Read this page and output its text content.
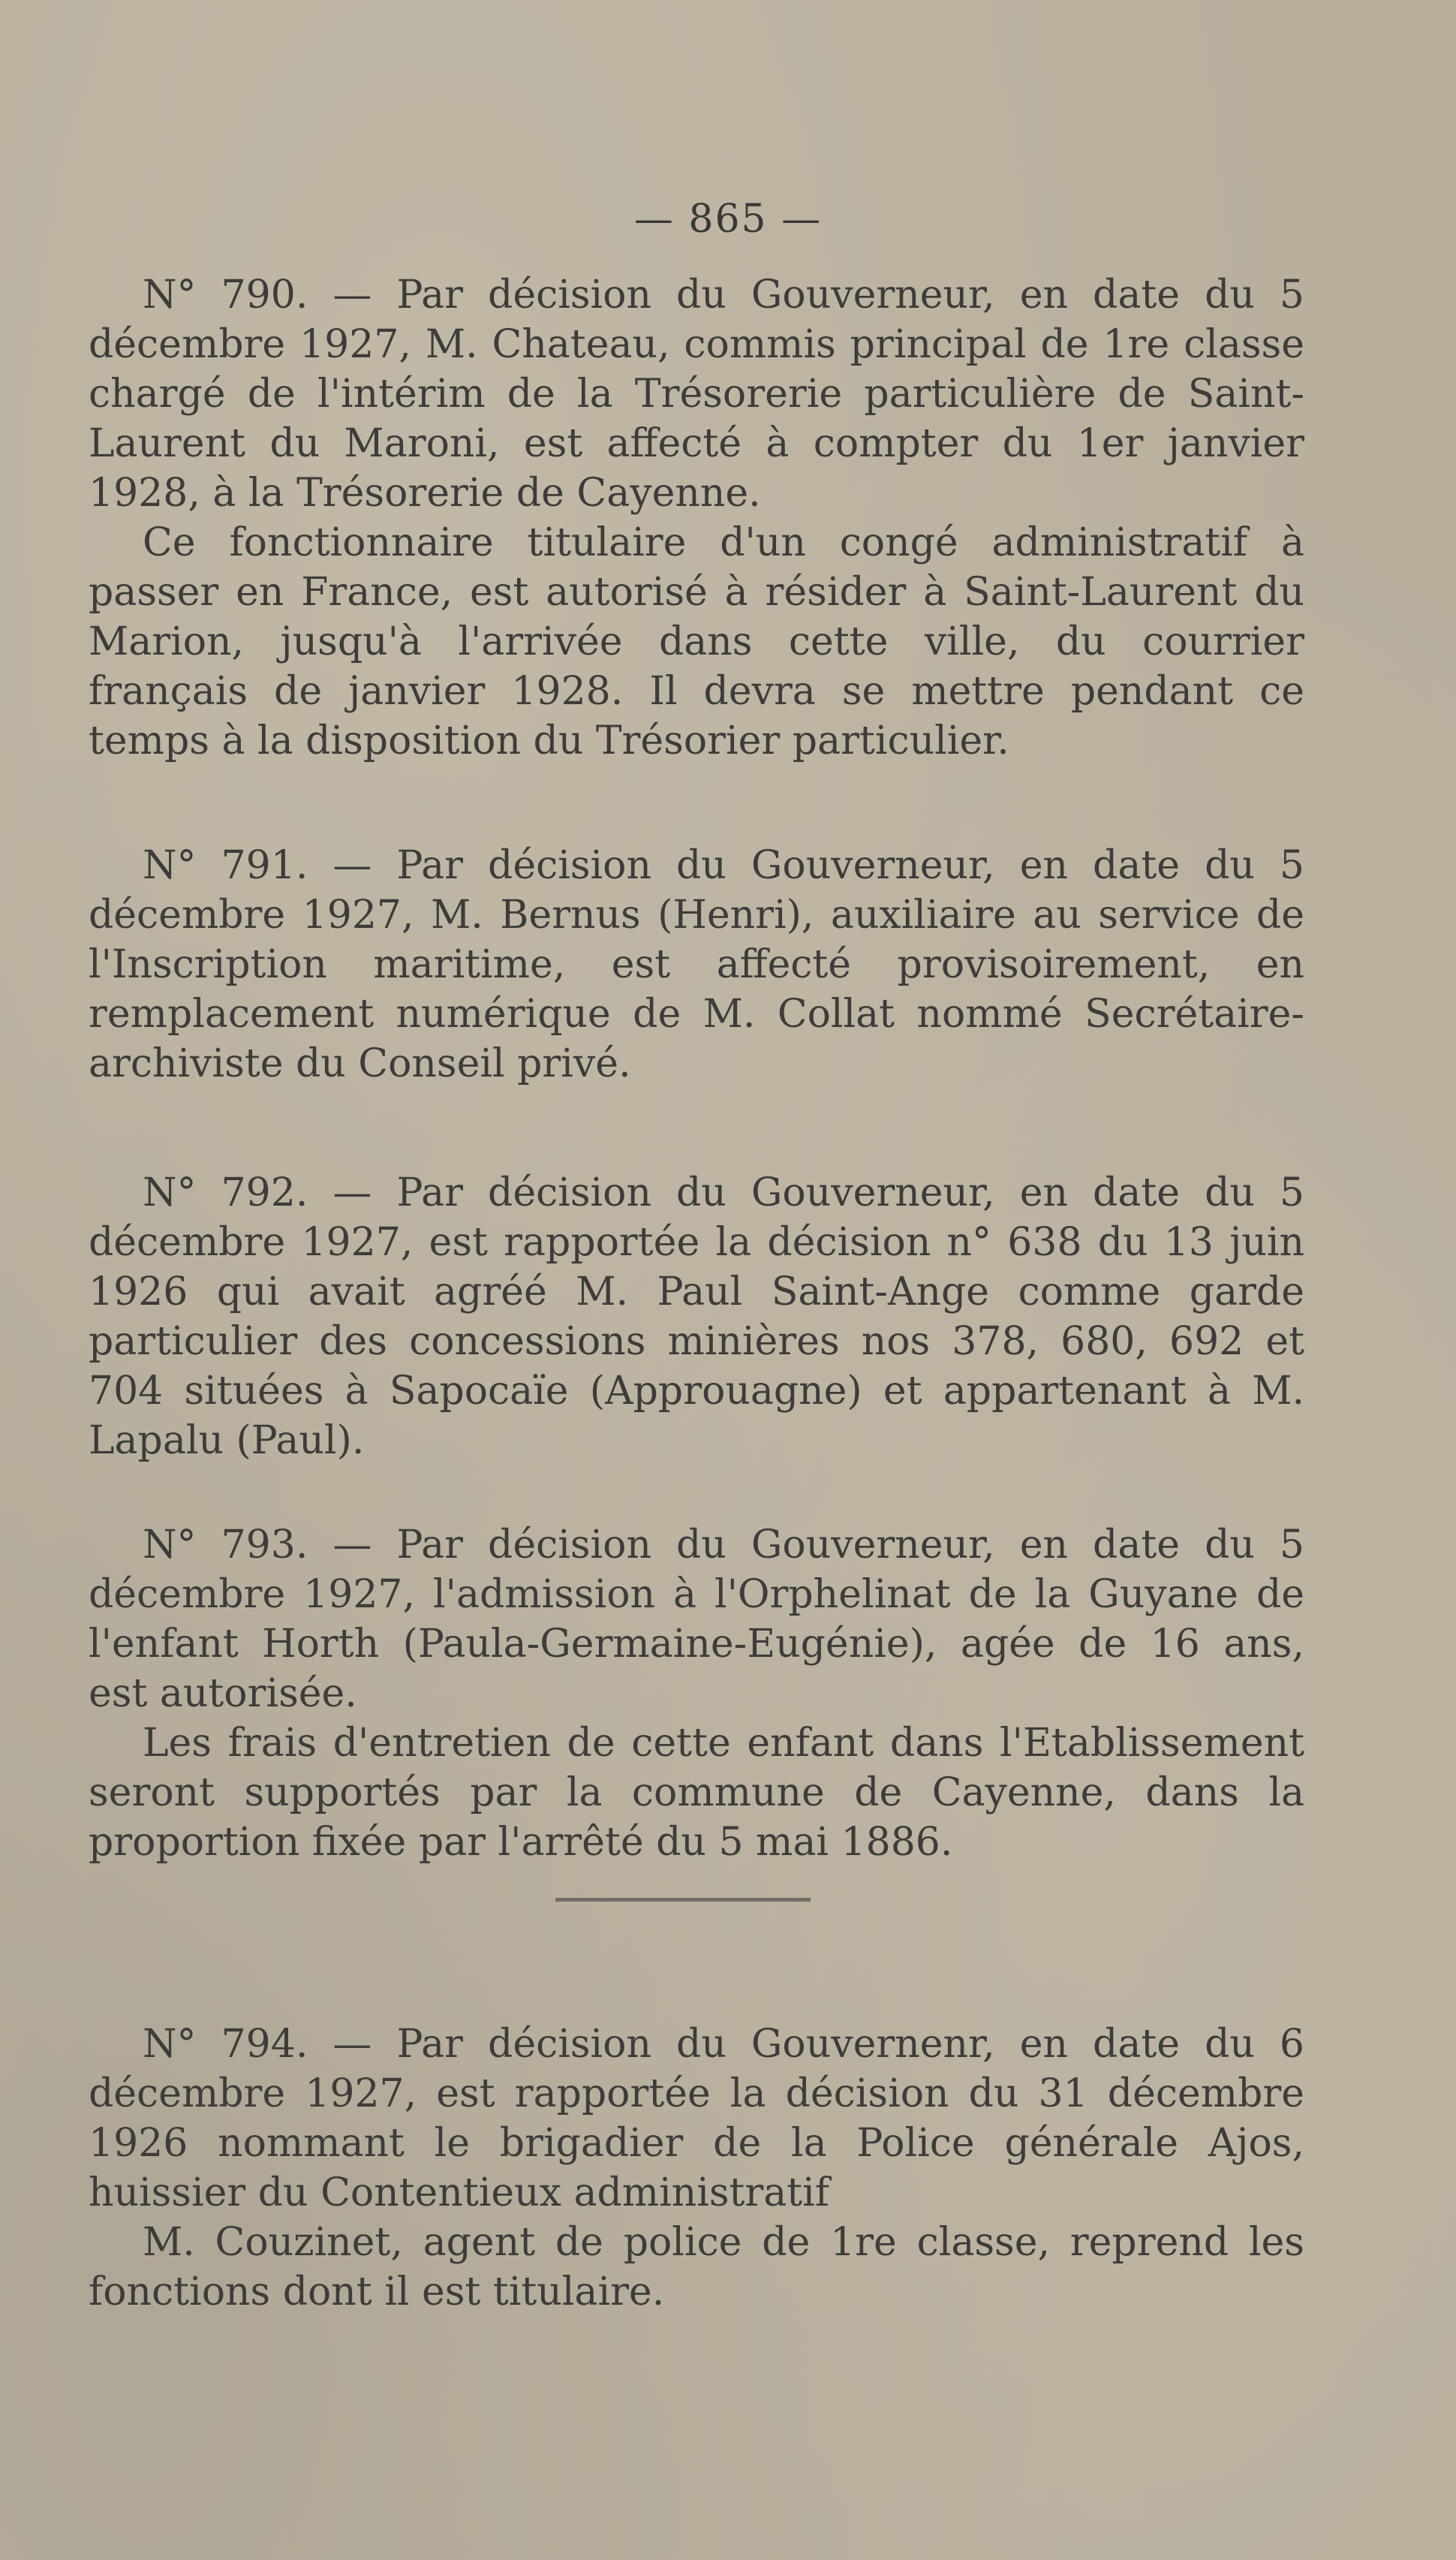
— 865 —

N° 790. — Par décision du Gouverneur, en date du 5 décembre 1927, M. Chateau, commis principal de 1re classe chargé de l'intérim de la Trésorerie particulière de Saint-Laurent du Maroni, est affecté à compter du 1er janvier 1928, à la Trésorerie de Cayenne.

Ce fonctionnaire titulaire d'un congé administratif à passer en France, est autorisé à résider à Saint-Laurent du Marion, jusqu'à l'arrivée dans cette ville, du courrier français de janvier 1928. Il devra se mettre pendant ce temps à la disposition du Trésorier particulier.

N° 791. — Par décision du Gouverneur, en date du 5 décembre 1927, M. Bernus (Henri), auxiliaire au service de l'Inscription maritime, est affecté provisoirement, en remplacement numérique de M. Collat nommé Secrétaire-archiviste du Conseil privé.

N° 792. — Par décision du Gouverneur, en date du 5 décembre 1927, est rapportée la décision n° 638 du 13 juin 1926 qui avait agréé M. Paul Saint-Ange comme garde particulier des concessions minières nos 378, 680, 692 et 704 situées à Sapocaïe (Approuagne) et appartenant à M. Lapalu (Paul).

N° 793. — Par décision du Gouverneur, en date du 5 décembre 1927, l'admission à l'Orphelinat de la Guyane de l'enfant Horth (Paula-Germaine-Eugénie), agée de 16 ans, est autorisée.

Les frais d'entretien de cette enfant dans l'Etablissement seront supportés par la commune de Cayenne, dans la proportion fixée par l'arrêté du 5 mai 1886.

N° 794. — Par décision du Gouvernenr, en date du 6 décembre 1927, est rapportée la décision du 31 décembre 1926 nommant le brigadier de la Police générale Ajos, huissier du Contentieux administratif

M. Couzinet, agent de police de 1re classe, reprend les fonctions dont il est titulaire.
